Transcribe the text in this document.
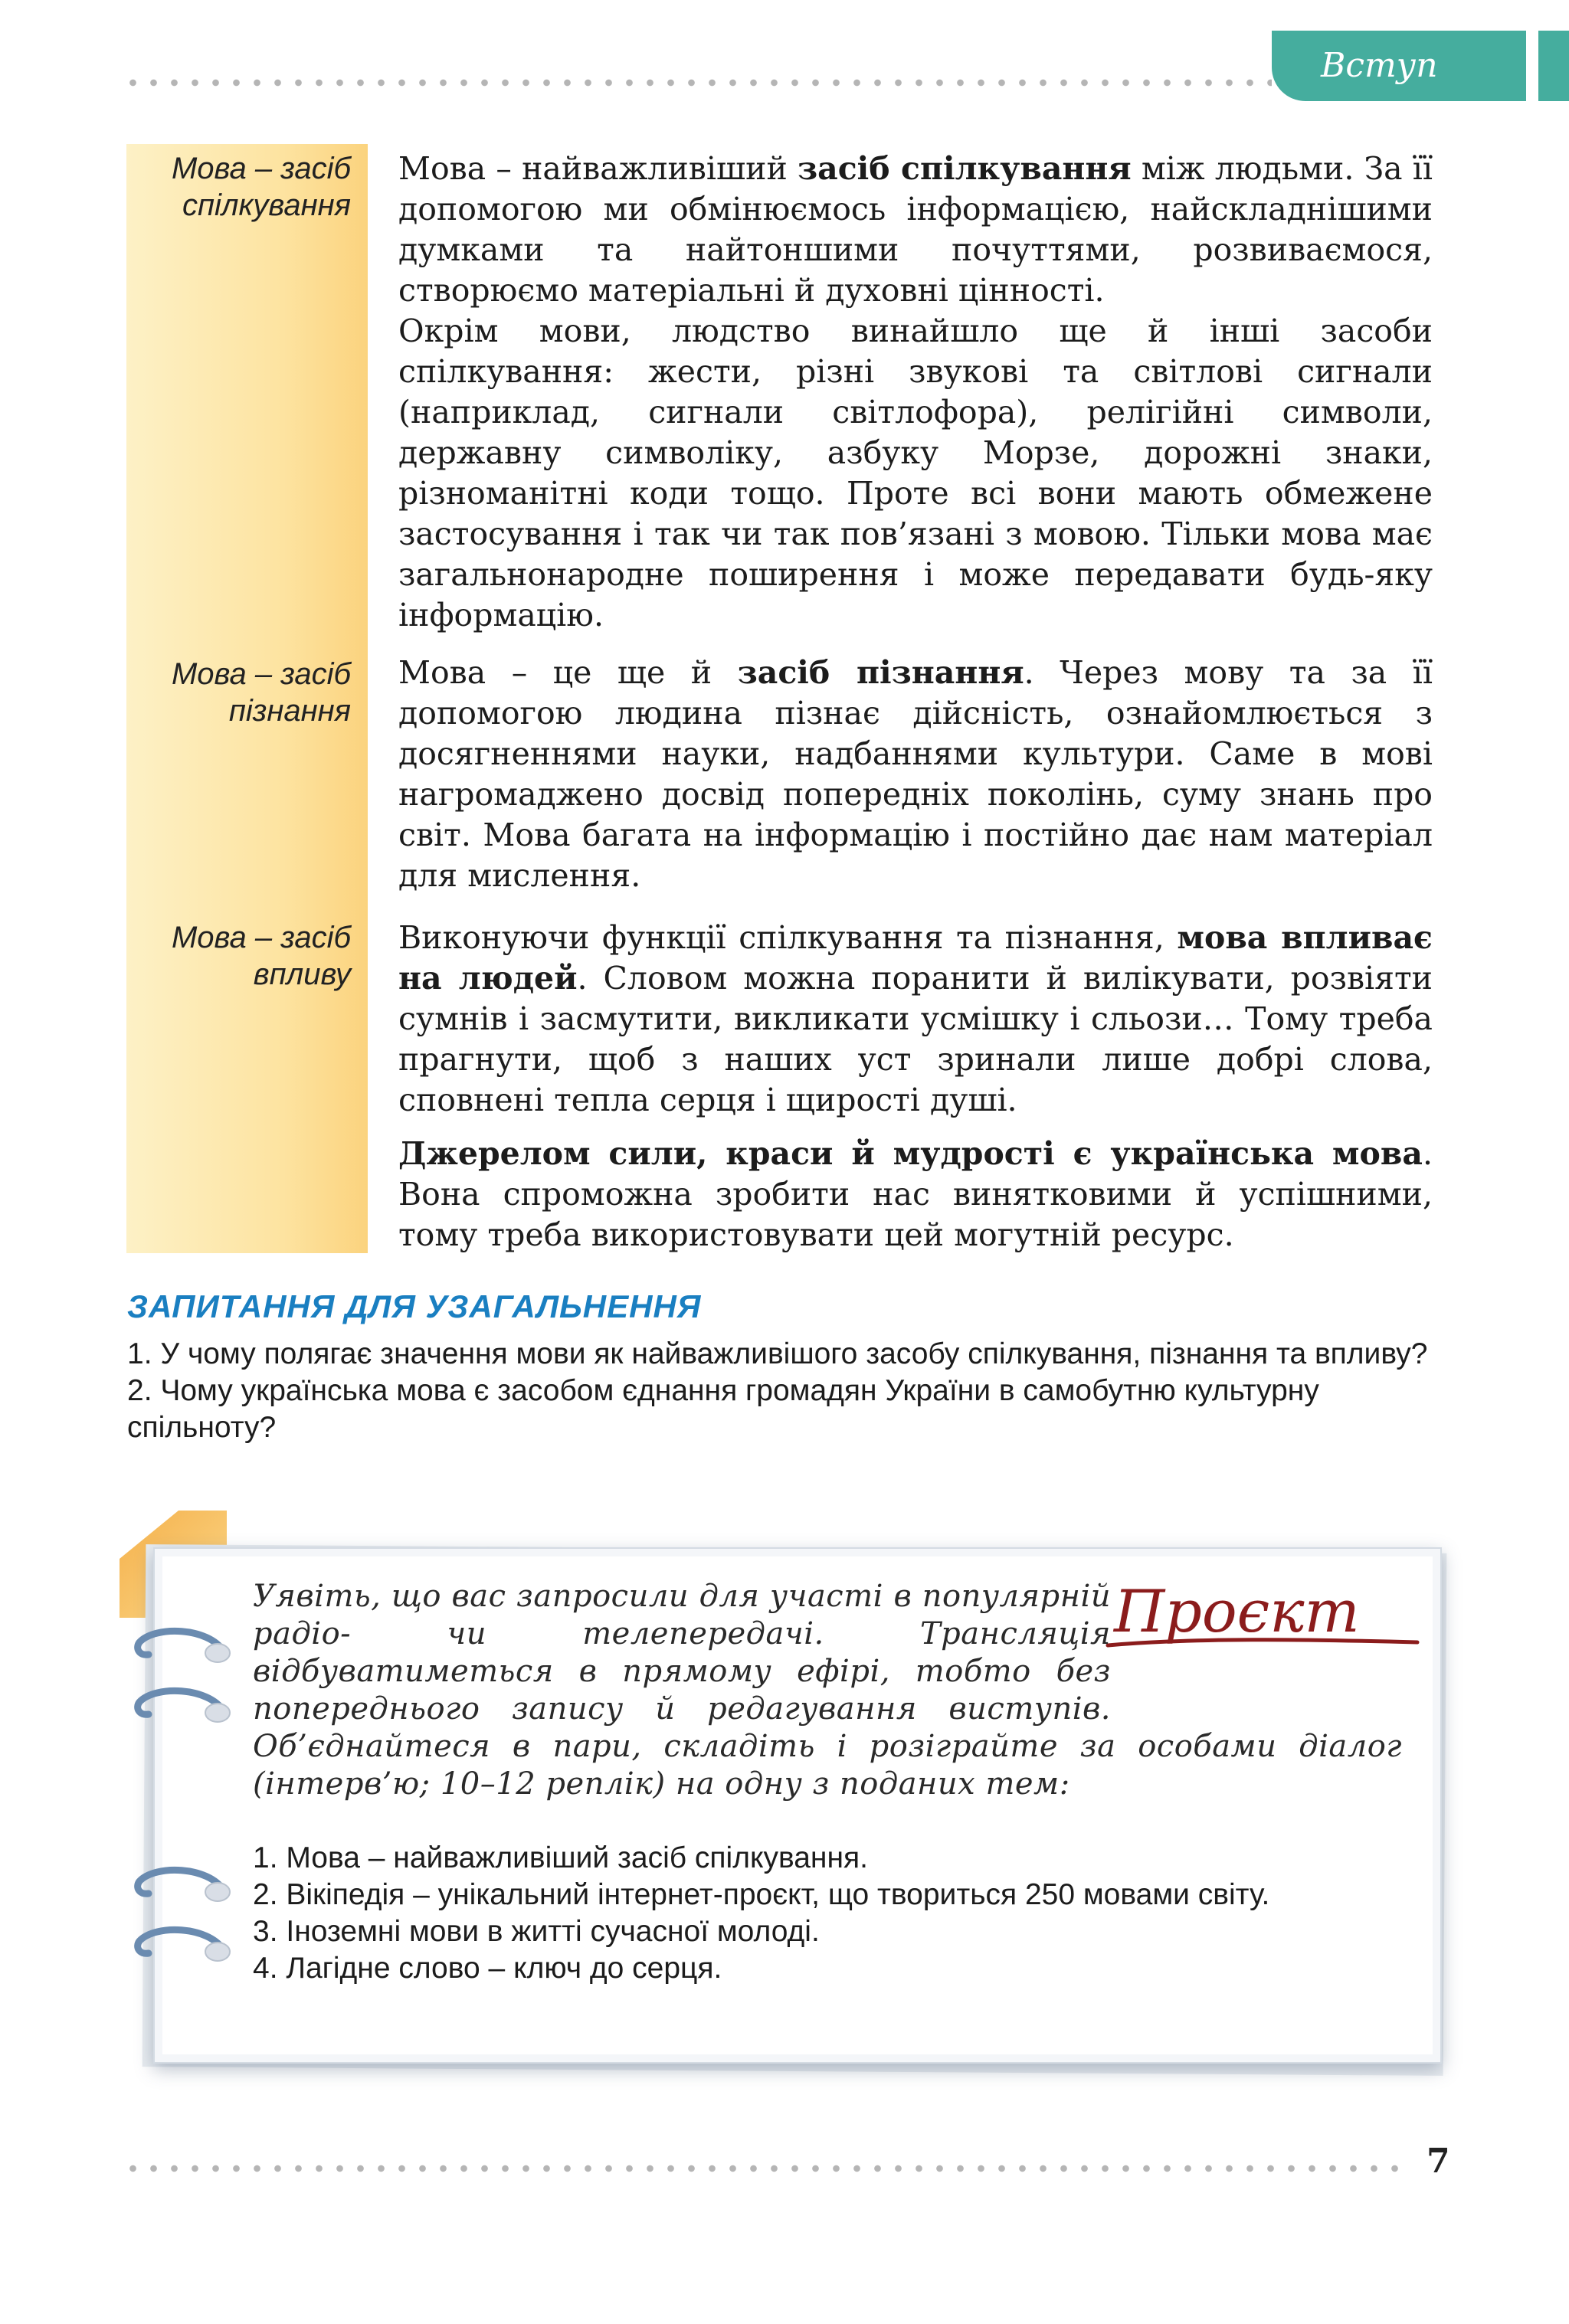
Вступ
Мова – засіб
спілкування

Мова – найважливіший засіб спілкування між людьми. За її допомогою ми обмінюємось інформацією, найскладнішими думками та найтоншими почуттями, розвиваємося, створюємо матеріальні й духовні цінності.

Окрім мови, людство винайшло ще й інші засоби спілкування: жести, різні звукові та світлові сигнали (наприклад, сигнали світлофора), релігійні символи, державну символіку, азбуку Морзе, дорожні знаки, різноманітні коди тощо. Проте всі вони мають обмежене застосування і так чи так пов’язані з мовою. Тільки мова має загальнонародне поширення і може передавати будь-яку інформацію.

Мова – засіб
пізнання

Мова – це ще й засіб пізнання. Через мову та за її допомогою людина пізнає дійсність, ознайомлюється з досягненнями науки, надбаннями культури. Саме в мові нагромаджено досвід попередніх поколінь, суму знань про світ. Мова багата на інформацію і постійно дає нам матеріал для мислення.

Мова – засіб
впливу

Виконуючи функції спілкування та пізнання, мова впливає на людей. Словом можна поранити й вилікувати, розвіяти сумнів і засмутити, викликати усмішку і сльози… Тому треба прагнути, щоб з наших уст зринали лише добрі слова, сповнені тепла серця і щирості душі.

Джерелом сили, краси й мудрості є українська мова. Вона спроможна зробити нас винятковими й успішними, тому треба використовувати цей могутній ресурс.

ЗАПИТАННЯ ДЛЯ УЗАГАЛЬНЕННЯ
1. У чому полягає значення мови як найважливішого засобу спілкування, пізнання та впливу?
2. Чому українська мова є засобом єднання громадян України в самобутню культурну спільноту?
Проєкт
Уявіть, що вас запросили для участі в популярній радіо- чи телепередачі. Трансляція відбуватиметься в прямому ефірі, тобто без попереднього запису й редагування виступів. Об’єднайтеся в пари, складіть і розіграйте за особами діалог (інтерв’ю; 10–12 реплік) на одну з поданих тем:
1. Мова – найважливіший засіб спілкування.
2. Вікіпедія – унікальний інтернет-проєкт, що твориться 250 мовами світу.
3. Іноземні мови в житті сучасної молоді.
4. Лагідне слово – ключ до серця.
7
